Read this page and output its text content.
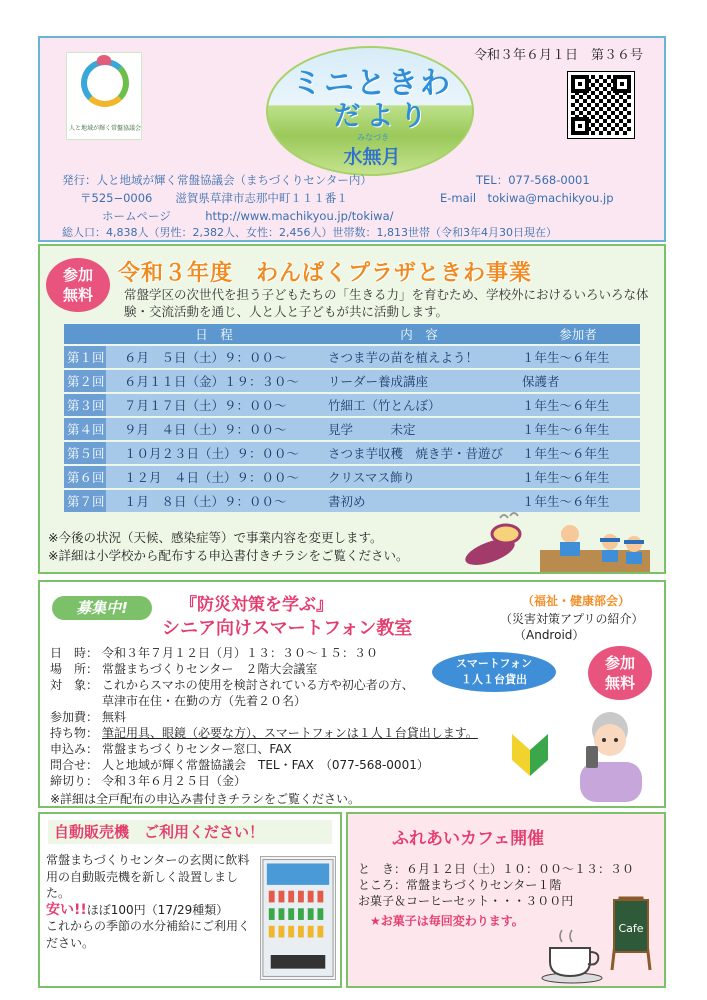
人と地域が輝く常盤協議会
ミニときわ
だより
みなづき
水無月
令和３年６月１日　第３６号
発行：人と地域が輝く常盤協議会（まちづくりセンター内）	TEL：077-568-0001
〒525−0006　　滋賀県草津市志那中町１１１番１	E-mail　tokiwa@machikyou.jp
ホームページ　　　http://www.machikyou.jp/tokiwa/
総人口：4,838人（男性：2,382人、女性：2,456人）世帯数：1,813世帯（令和3年4月30日現在）
参加
無料
令和３年度　わんぱくプラザときわ事業
常盤学区の次世代を担う子どもたちの「生きる力」を育むため、学校外におけるいろいろな体験・交流活動を通じ、人と人と子どもが共に活動します。
	日　程	内　容	参加者
第１回	６月　５日（土）９：００〜	さつま芋の苗を植えよう！	１年生〜６年生
第２回	６月１１日（金）１９：３０〜	リーダー養成講座	保護者
第３回	７月１７日（土）９：００〜	竹細工（竹とんぼ）	１年生〜６年生
第４回	９月　４日（土）９：００〜	見学　　　未定	１年生〜６年生
第５回	１０月２３日（土）９：００〜	さつま芋収穫　焼き芋・昔遊び	１年生〜６年生
第６回	１２月　４日（土）９：００〜	クリスマス飾り	１年生〜６年生
第７回	１月　８日（土）９：００〜	書初め	１年生〜６年生
※今後の状況（天候、感染症等）で事業内容を変更します。
※詳細は小学校から配布する申込書付きチラシをご覧ください。
募集中!	『防災対策を学ぶ』
シニア向けスマートフォン教室
（福祉・健康部会）
（災害対策アプリの紹介）
（Android）
日　時： 令和３年７月１２日（月）１３：３０〜１５：３０
場　所： 常盤まちづくりセンター　２階大会議室
対　象： これからスマホの使用を検討されている方や初心者の方、
草津市在住・在勤の方（先着２０名）
参加費： 無料
持ち物： 筆記用具、眼鏡（必要な方）、スマートフォンは１人１台貸出します。
申込み： 常盤まちづくりセンター窓口、FAX
問合せ： 人と地域が輝く常盤協議会　TEL・FAX　（077-568-0001）
締切り： 令和３年６月２５日（金）
スマートフォン
１人１台貸出
参加
無料
※詳細は全戸配布の申込み書付きチラシをご覧ください。
自動販売機　ご利用ください！
常盤まちづくりセンターの玄関に飲料用の自動販売機を新しく設置しました。
安い!!ほぼ100円（17/29種類）
これからの季節の水分補給にご利用ください。
ふれあいカフェ開催
と　き：６月１２日（土）１０：００〜１３：３０
ところ：常盤まちづくりセンター１階
お菓子＆コーヒーセット・・・３００円
★お菓子は毎回変わります。
Cafe
